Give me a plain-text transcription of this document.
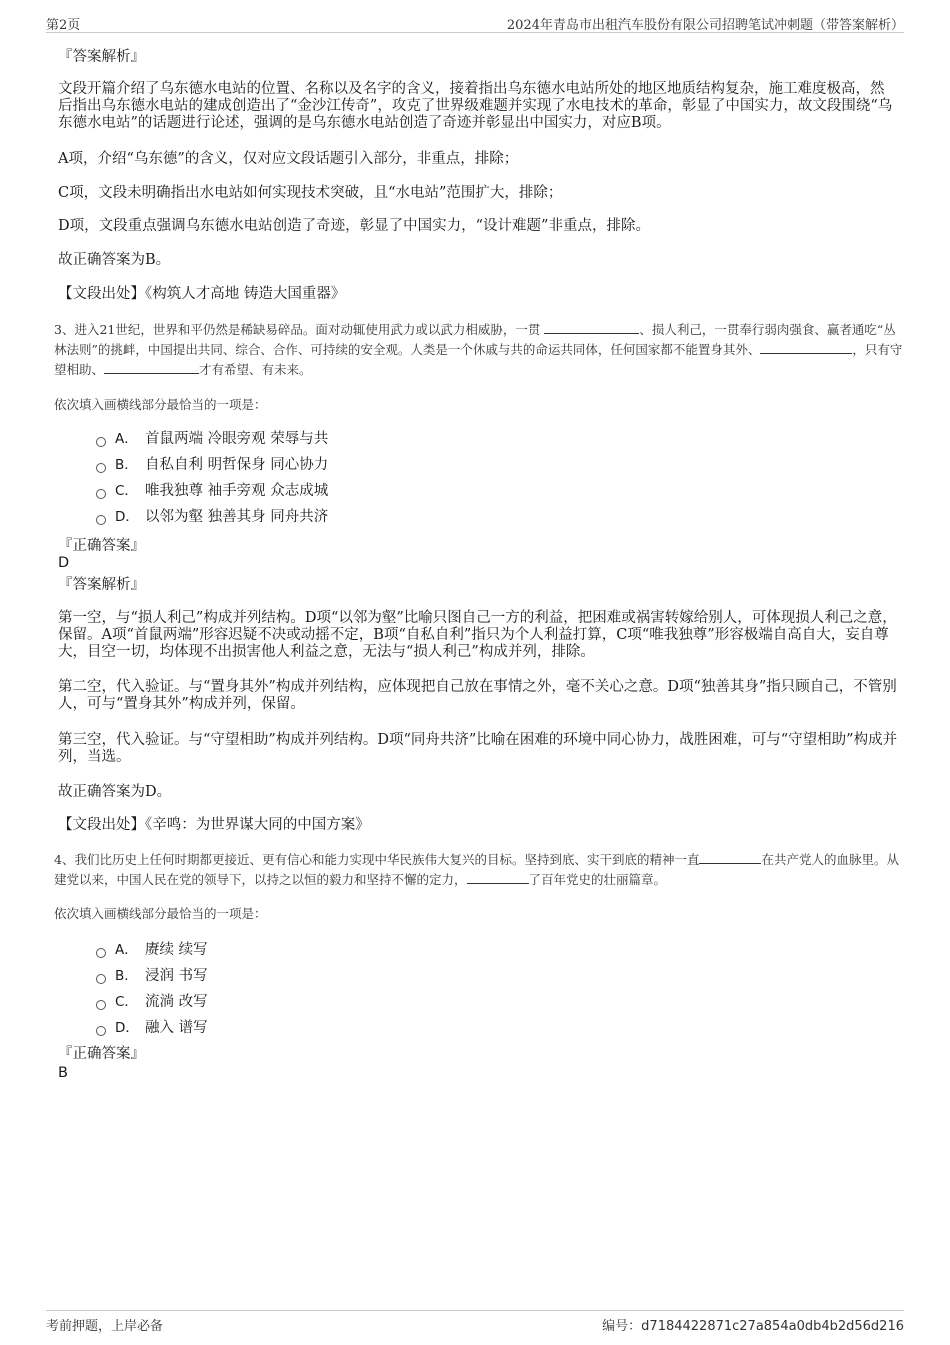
第2页	2024年青岛市出租汽车股份有限公司招聘笔试冲刺题（带答案解析）
『答案解析』
文段开篇介绍了乌东德水电站的位置、名称以及名字的含义，接着指出乌东德水电站所处的地区地质结构复杂，施工难度极高，然后指出乌东德水电站的建成创造出了“金沙江传奇”，攻克了世界级难题并实现了水电技术的革命，彰显了中国实力，故文段围绕“乌东德水电站”的话题进行论述，强调的是乌东德水电站创造了奇迹并彰显出中国实力，对应B项。
A项，介绍“乌东德”的含义，仅对应文段话题引入部分，非重点，排除；
C项，文段未明确指出水电站如何实现技术突破，且“水电站”范围扩大，排除；
D项，文段重点强调乌东德水电站创造了奇迹，彰显了中国实力，“设计难题”非重点，排除。
故正确答案为B。
【文段出处】《构筑人才高地 铸造大国重器》
3、进入21世纪，世界和平仍然是稀缺易碎品。面对动辄使用武力或以武力相威胁，一贯	、损人利己，一贯奉行弱肉强食、赢者通吃“丛林法则”的挑衅，中国提出共同、综合、合作、可持续的安全观。人类是一个休戚与共的命运共同体，任何国家都不能置身其外、	，只有守望相助、	才有希望、有未来。
依次填入画横线部分最恰当的一项是：
A． 首鼠两端 冷眼旁观 荣辱与共
B． 自私自利 明哲保身 同心协力
C． 唯我独尊 袖手旁观 众志成城
D． 以邻为壑 独善其身 同舟共济
『正确答案』
D
『答案解析』
第一空，与“损人利己”构成并列结构。D项“以邻为壑”比喻只图自己一方的利益，把困难或祸害转嫁给别人，可体现损人利己之意，保留。A项“首鼠两端”形容迟疑不决或动摇不定，B项“自私自利”指只为个人利益打算，C项“唯我独尊”形容极端自高自大，妄自尊大，目空一切，均体现不出损害他人利益之意，无法与“损人利己”构成并列，排除。
第二空，代入验证。与“置身其外”构成并列结构，应体现把自己放在事情之外，毫不关心之意。D项“独善其身”指只顾自己，不管别人，可与“置身其外”构成并列，保留。
第三空，代入验证。与“守望相助”构成并列结构。D项“同舟共济”比喻在困难的环境中同心协力，战胜困难，可与“守望相助”构成并列，当选。
故正确答案为D。
【文段出处】《辛鸣：为世界谋大同的中国方案》
4、我们比历史上任何时期都更接近、更有信心和能力实现中华民族伟大复兴的目标。坚持到底、实干到底的精神一直	在共产党人的血脉里。从建党以来，中国人民在党的领导下，以持之以恒的毅力和坚持不懈的定力，	了百年党史的壮丽篇章。
依次填入画横线部分最恰当的一项是：
A． 赓续 续写
B． 浸润 书写
C． 流淌 改写
D． 融入 谱写
『正确答案』
B
考前押题，上岸必备	编号：d7184422871c27a854a0db4b2d56d216
